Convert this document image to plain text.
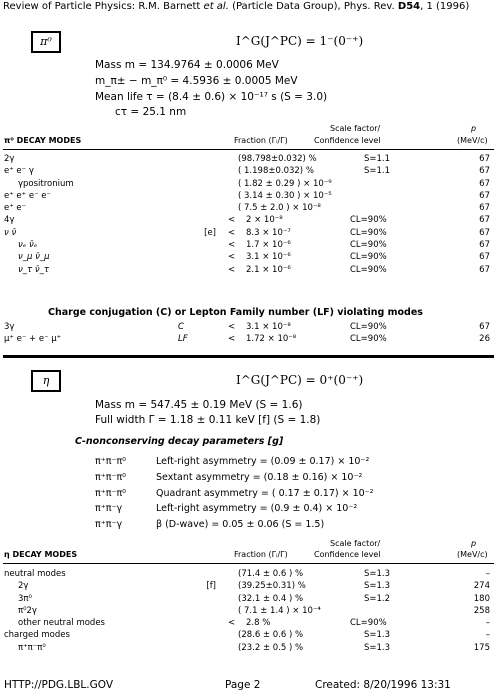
Review of Particle Physics: R.M. Barnett et al. (Particle Data Group), Phys. Rev. D54, 1 (1996)
π⁰	I^G(J^PC) = 1⁻(0⁻⁺)
Mass m = 134.9764 ± 0.0006 MeV
m_π± − m_π⁰ = 4.5936 ± 0.0005 MeV
Mean life τ = (8.4 ± 0.6) × 10⁻¹⁷ s (S = 3.0)
cτ = 25.1 nm
Scale factor/	p
π⁰ DECAY MODES	Fraction (Γᵢ/Γ)	Confidence level	(MeV/c)
2γ	(98.798±0.032) %	S=1.1	67
e⁺ e⁻ γ	( 1.198±0.032) %	S=1.1	67
γpositronium	( 1.82 ± 0.29 ) × 10⁻⁹	67
e⁺ e⁺ e⁻ e⁻	( 3.14 ± 0.30 ) × 10⁻⁵	67
e⁺ e⁻	( 7.5 ± 2.0 ) × 10⁻⁸	67
4γ	< 2 × 10⁻⁸	CL=90%	67
ν ν̄	[e] < 8.3 × 10⁻⁷	CL=90%	67
νₑ ν̄ₑ	< 1.7 × 10⁻⁶	CL=90%	67
ν_μ ν̄_μ	< 3.1 × 10⁻⁶	CL=90%	67
ν_τ ν̄_τ	< 2.1 × 10⁻⁶	CL=90%	67
Charge conjugation (C) or Lepton Family number (LF) violating modes
3γ	C	< 3.1 × 10⁻⁸	CL=90%	67
μ⁺ e⁻ + e⁻ μ⁺	LF	< 1.72 × 10⁻⁸	CL=90%	26
η	I^G(J^PC) = 0⁺(0⁻⁺)
Mass m = 547.45 ± 0.19 MeV (S = 1.6)
Full width Γ = 1.18 ± 0.11 keV [f] (S = 1.8)
C-nonconserving decay parameters [g]
π⁺π⁻π⁰	Left-right asymmetry = (0.09 ± 0.17) × 10⁻²
π⁺π⁻π⁰	Sextant asymmetry = (0.18 ± 0.16) × 10⁻²
π⁺π⁻π⁰	Quadrant asymmetry = ( 0.17 ± 0.17) × 10⁻²
π⁺π⁻γ	Left-right asymmetry = (0.9 ± 0.4) × 10⁻²
π⁺π⁻γ	β (D-wave) = 0.05 ± 0.06 (S = 1.5)
Scale factor/	p
η DECAY MODES	Fraction (Γᵢ/Γ)	Confidence level	(MeV/c)
neutral modes	(71.4 ± 0.6 ) %	S=1.3	–
2γ	[f]	(39.25±0.31) %	S=1.3	274
3π⁰	(32.1 ± 0.4 ) %	S=1.2	180
π⁰2γ	( 7.1 ± 1.4 ) × 10⁻⁴	258
other neutral modes	< 2.8 %	CL=90%	–
charged modes	(28.6 ± 0.6 ) %	S=1.3	–
π⁺π⁻π⁰	(23.2 ± 0.5 ) %	S=1.3	175
HTTP://PDG.LBL.GOV	Page 2	Created: 8/20/1996 13:31
